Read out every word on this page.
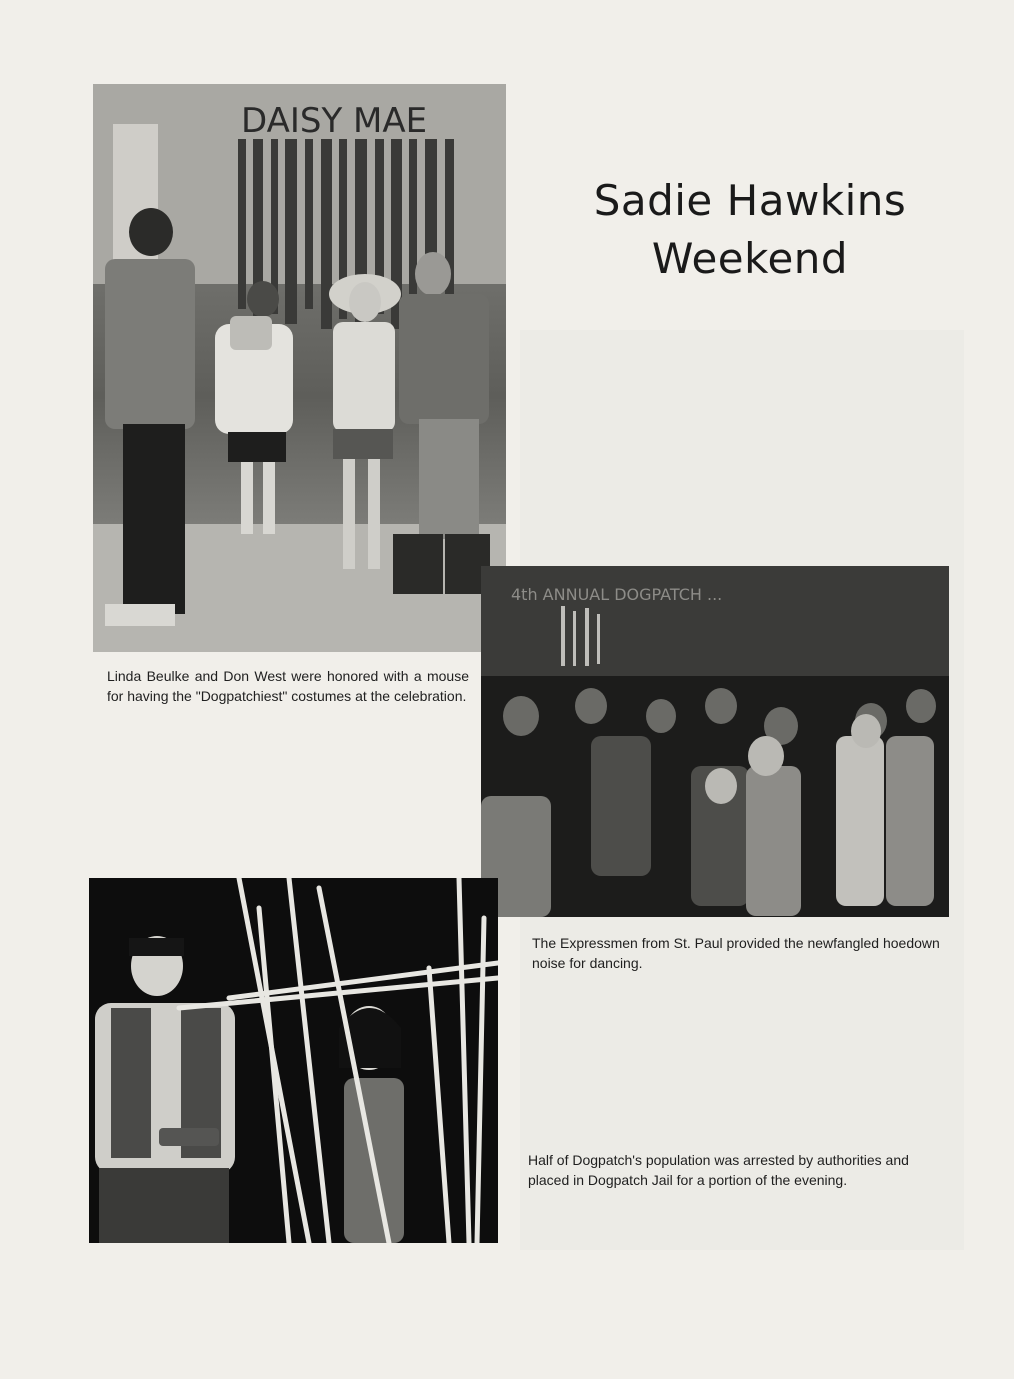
Sadie Hawkins
Weekend
DAISY MAE
Linda Beulke and Don West were honored with a mouse for having the "Dogpatchiest" costumes at the celebration.
4th ANNUAL DOGPATCH ...
The Expressmen from St. Paul provided the newfangled hoedown noise for dancing.
Half of Dogpatch's population was arrested by authorities and placed in Dogpatch Jail for a portion of the evening.
